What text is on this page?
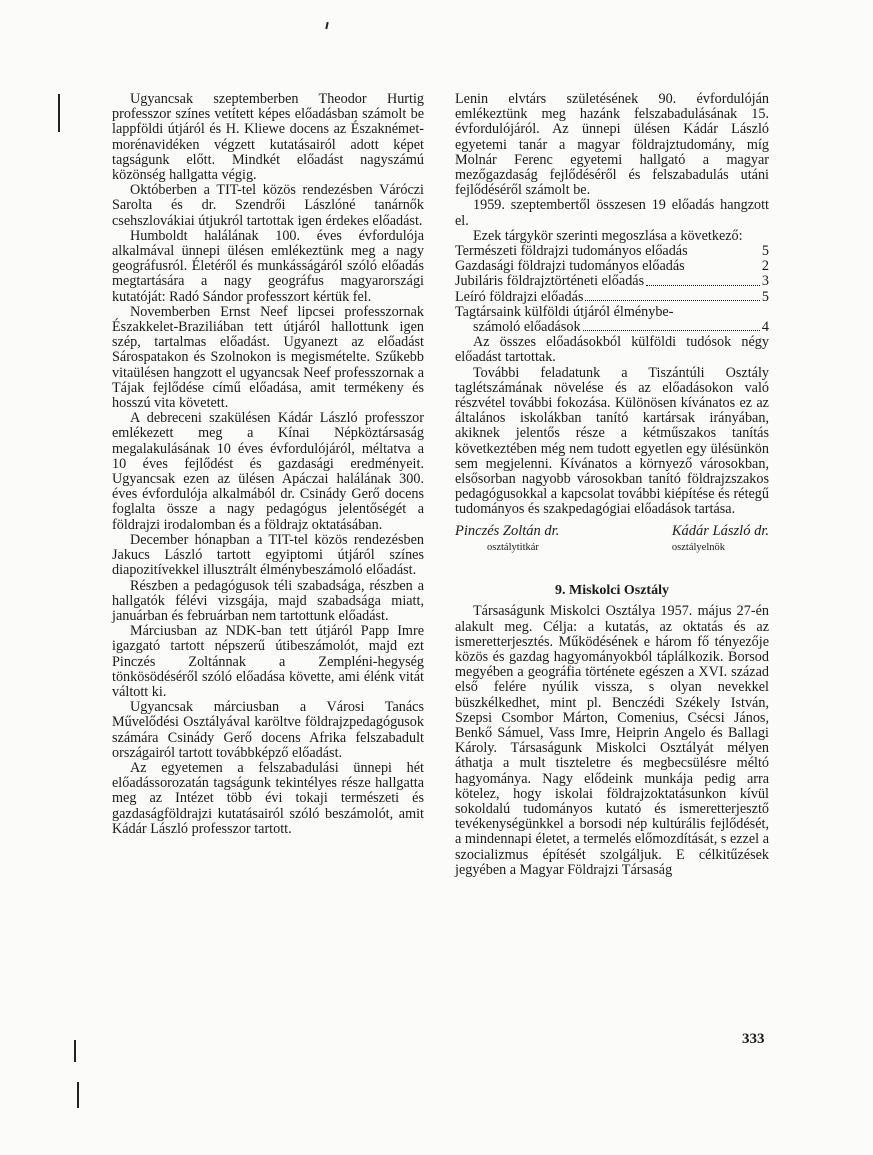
Ugyancsak szeptemberben Theodor Hurtig professzor színes vetített képes előadásban számolt be lappföldi útjáról és H. Kliewe docens az Északnémet-morénavidéken végzett kutatásairól adott képet tagságunk előtt. Mindkét előadást nagyszámú közönség hallgatta végig.

Októberben a TIT-tel közös rendezésben Váróczi Sarolta és dr. Szendrői Lászlóné tanárnők csehszlovákiai útjukról tartottak igen érdekes előadást.

Humboldt halálának 100. éves évfordulója alkalmával ünnepi ülésen emlékeztünk meg a nagy geográfusról. Életéről és munkásságáról szóló előadás megtartására a nagy geográfus magyarországi kutatóját: Radó Sándor professzort kértük fel.

Novemberben Ernst Neef lipcsei professzornak Északkelet-Braziliában tett útjáról hallottunk igen szép, tartalmas előadást. Ugyanezt az előadást Sárospatakon és Szolnokon is megismételte. Szűkebb vitaülésen hangzott el ugyancsak Neef professzornak a Tájak fejlődése című előadása, amit termékeny és hosszú vita követett.

A debreceni szakülésen Kádár László professzor emlékezett meg a Kínai Népköztársaság megalakulásának 10 éves évfordulójáról, méltatva a 10 éves fejlődést és gazdasági eredményeit. Ugyancsak ezen az ülésen Apáczai halálának 300. éves évfordulója alkalmából dr. Csinády Gerő docens foglalta össze a nagy pedagógus jelentőségét a földrajzi irodalomban és a földrajz oktatásában.

December hónapban a TIT-tel közös rendezésben Jakucs László tartott egyiptomi útjáról színes diapozitívekkel illusztrált élménybeszámoló előadást.

Részben a pedagógusok téli szabadsága, részben a hallgatók félévi vizsgája, majd szabadsága miatt, januárban és februárban nem tartottunk előadást.

Márciusban az NDK-ban tett útjáról Papp Imre igazgató tartott népszerű útibeszámolót, majd ezt Pinczés Zoltánnak a Zempléni-hegység tönkösödéséről szóló előadása követte, ami élénk vitát váltott ki.

Ugyancsak márciusban a Városi Tanács Művelődési Osztályával karöltve földrajzpedagógusok számára Csinády Gerő docens Afrika felszabadult országairól tartott továbbképző előadást.

Az egyetemen a felszabadulási ünnepi hét előadássorozatán tagságunk tekintélyes része hallgatta meg az Intézet több évi tokaji természeti és gazdaságföldrajzi kutatásairól szóló beszámolót, amit Kádár László professzor tartott.

Lenin elvtárs születésének 90. évfordulóján emlékeztünk meg hazánk felszabadulásának 15. évfordulójáról. Az ünnepi ülésen Kádár László egyetemi tanár a magyar földrajztudomány, míg Molnár Ferenc egyetemi hallgató a magyar mezőgazdaság fejlődéséről és felszabadulás utáni fejlődéséről számolt be.

1959. szeptembertől összesen 19 előadás hangzott el.

Ezek tárgykör szerinti megoszlása a következő:

Természeti földrajzi tudományos előadás	5
Gazdasági földrajzi tudományos előadás	2
Jubiláris földrajztörténeti előadás	3
Leíró földrajzi előadás	5
Tagtársaink külföldi útjáról élménybe-
számoló előadások	4

Az összes előadásokból külföldi tudósok négy előadást tartottak.

További feladatunk a Tiszántúli Osztály taglétszámának növelése és az előadásokon való részvétel további fokozása. Különösen kívánatos ez az általános iskolákban tanító kartársak irányában, akiknek jelentős része a kétműszakos tanítás következtében még nem tudott egyetlen egy ülésünkön sem megjelenni. Kívánatos a környező városokban, elsősorban nagyobb városokban tanító földrajzszakos pedagógusokkal a kapcsolat további kiépítése és rétegű tudományos és szakpedagógiai előadások tartása.

Pinczés Zoltán dr.	Kádár László dr.
osztálytitkár	osztályelnök
9. Miskolci Osztály

Társaságunk Miskolci Osztálya 1957. május 27-én alakult meg. Célja: a kutatás, az oktatás és az ismeretterjesztés. Működésének e három fő tényezője közös és gazdag hagyományokból táplálkozik. Borsod megyében a geográfia története egészen a XVI. század első felére nyúlik vissza, s olyan nevekkel büszkélkedhet, mint pl. Benczédi Székely István, Szepsi Csombor Márton, Comenius, Csécsi János, Benkő Sámuel, Vass Imre, Heiprin Angelo és Ballagi Károly. Társaságunk Miskolci Osztályát mélyen áthatja a mult tiszteletre és megbecsülésre méltó hagyománya. Nagy elődeink munkája pedig arra kötelez, hogy iskolai földrajzoktatásunkon kívül sokoldalú tudományos kutató és ismeretterjesztő tevékenységünkkel a borsodi nép kultúrális fejlődését, a mindennapi életet, a termelés előmozdítását, s ezzel a szocializmus építését szolgáljuk. E célkitűzések jegyében a Magyar Földrajzi Társaság

333
